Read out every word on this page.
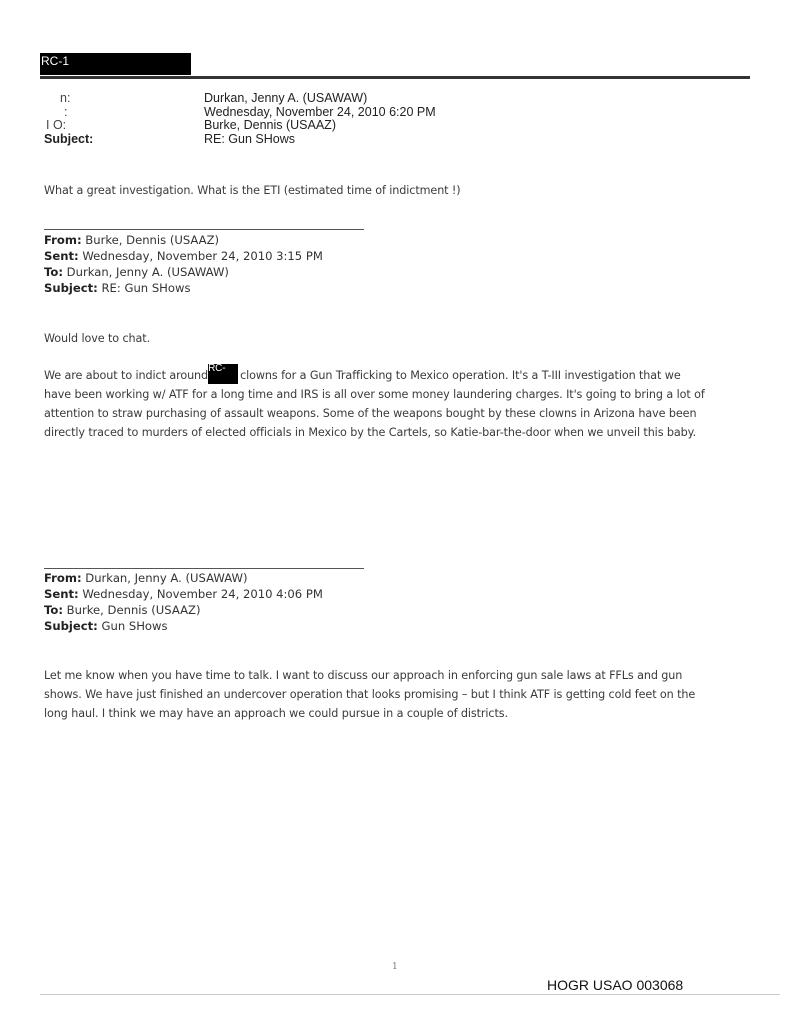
RC-1
n:	Durkan, Jenny A. (USAWAW)
:	Wednesday, November 24, 2010 6:20 PM
I O:	Burke, Dennis (USAAZ)
Subject:	RE: Gun SHows
What a great investigation. What is the ETI (estimated time of indictment !)
From: Burke, Dennis (USAAZ)
Sent: Wednesday, November 24, 2010 3:15 PM
To: Durkan, Jenny A. (USAWAW)
Subject: RE: Gun SHows
Would love to chat.
We are about to indict aroundRC-clowns for a Gun Trafficking to Mexico operation. It's a T-III investigation that we
have been working w/ ATF for a long time and IRS is all over some money laundering charges. It's going to bring a lot of
attention to straw purchasing of assault weapons. Some of the weapons bought by these clowns in Arizona have been
directly traced to murders of elected officials in Mexico by the Cartels, so Katie-bar-the-door when we unveil this baby.
From: Durkan, Jenny A. (USAWAW)
Sent: Wednesday, November 24, 2010 4:06 PM
To: Burke, Dennis (USAAZ)
Subject: Gun SHows
Let me know when you have time to talk. I want to discuss our approach in enforcing gun sale laws at FFLs and gun
shows. We have just finished an undercover operation that looks promising – but I think ATF is getting cold feet on the
long haul. I think we may have an approach we could pursue in a couple of districts.
1
HOGR USAO 003068
